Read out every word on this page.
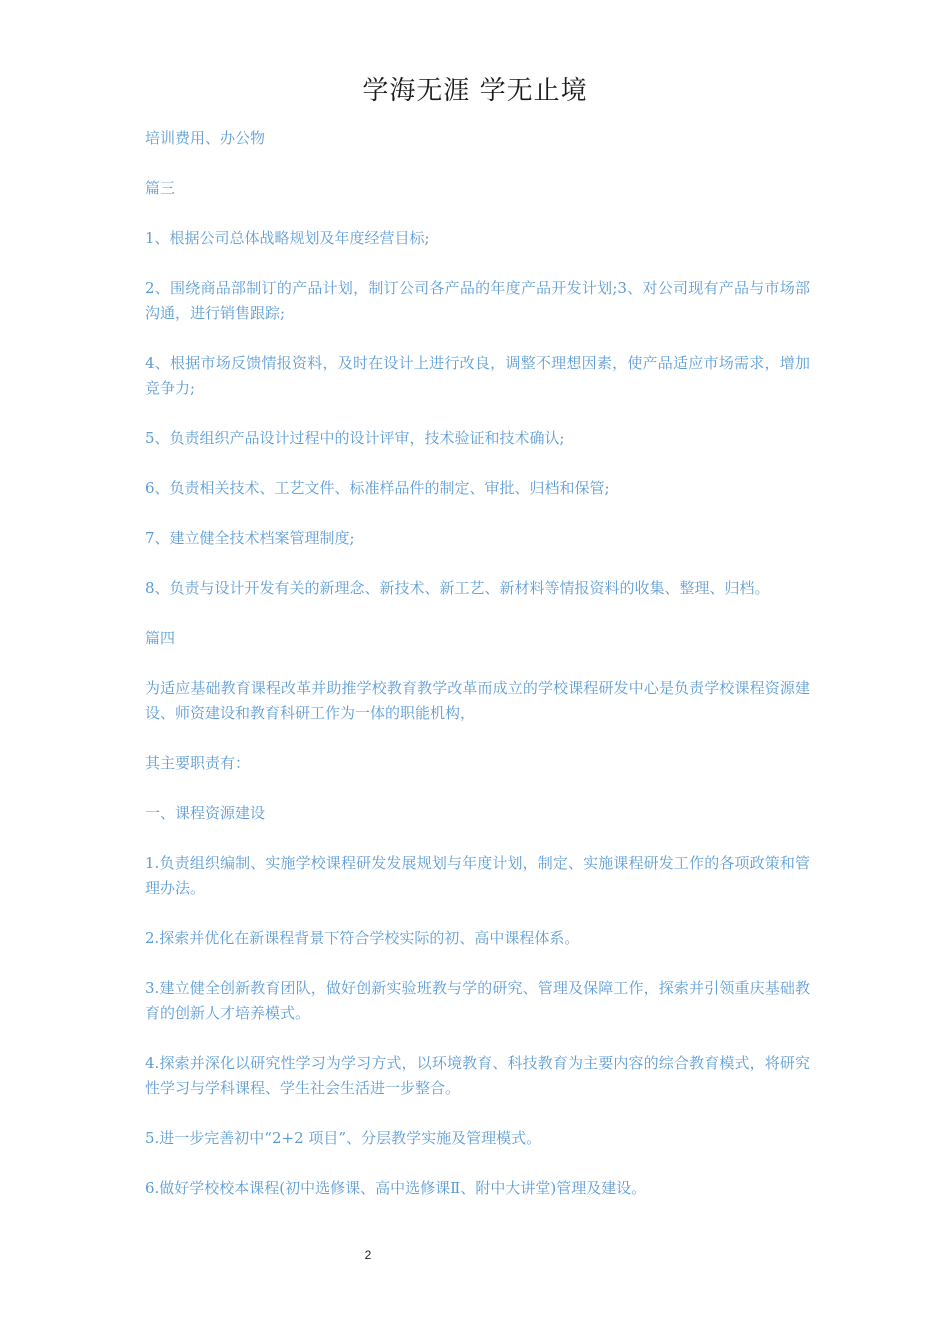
学海无涯 学无止境

培训费用、办公物

篇三

1、根据公司总体战略规划及年度经营目标;

2、围绕商品部制订的产品计划，制订公司各产品的年度产品开发计划;3、对公司现有产品与市场部沟通，进行销售跟踪;

4、根据市场反馈情报资料，及时在设计上进行改良，调整不理想因素，使产品适应市场需求，增加竞争力;

5、负责组织产品设计过程中的设计评审，技术验证和技术确认;

6、负责相关技术、工艺文件、标准样品件的制定、审批、归档和保管;

7、建立健全技术档案管理制度;

8、负责与设计开发有关的新理念、新技术、新工艺、新材料等情报资料的收集、整理、归档。

篇四

为适应基础教育课程改革并助推学校教育教学改革而成立的学校课程研发中心是负责学校课程资源建设、师资建设和教育科研工作为一体的职能机构，

其主要职责有：

一、课程资源建设

1.负责组织编制、实施学校课程研发发展规划与年度计划，制定、实施课程研发工作的各项政策和管理办法。

2.探索并优化在新课程背景下符合学校实际的初、高中课程体系。

3.建立健全创新教育团队，做好创新实验班教与学的研究、管理及保障工作，探索并引领重庆基础教育的创新人才培养模式。

4.探索并深化以研究性学习为学习方式，以环境教育、科技教育为主要内容的综合教育模式，将研究性学习与学科课程、学生社会生活进一步整合。

5.进一步完善初中“2+2 项目”、分层教学实施及管理模式。

6.做好学校校本课程(初中选修课、高中选修课Ⅱ、附中大讲堂)管理及建设。

2
